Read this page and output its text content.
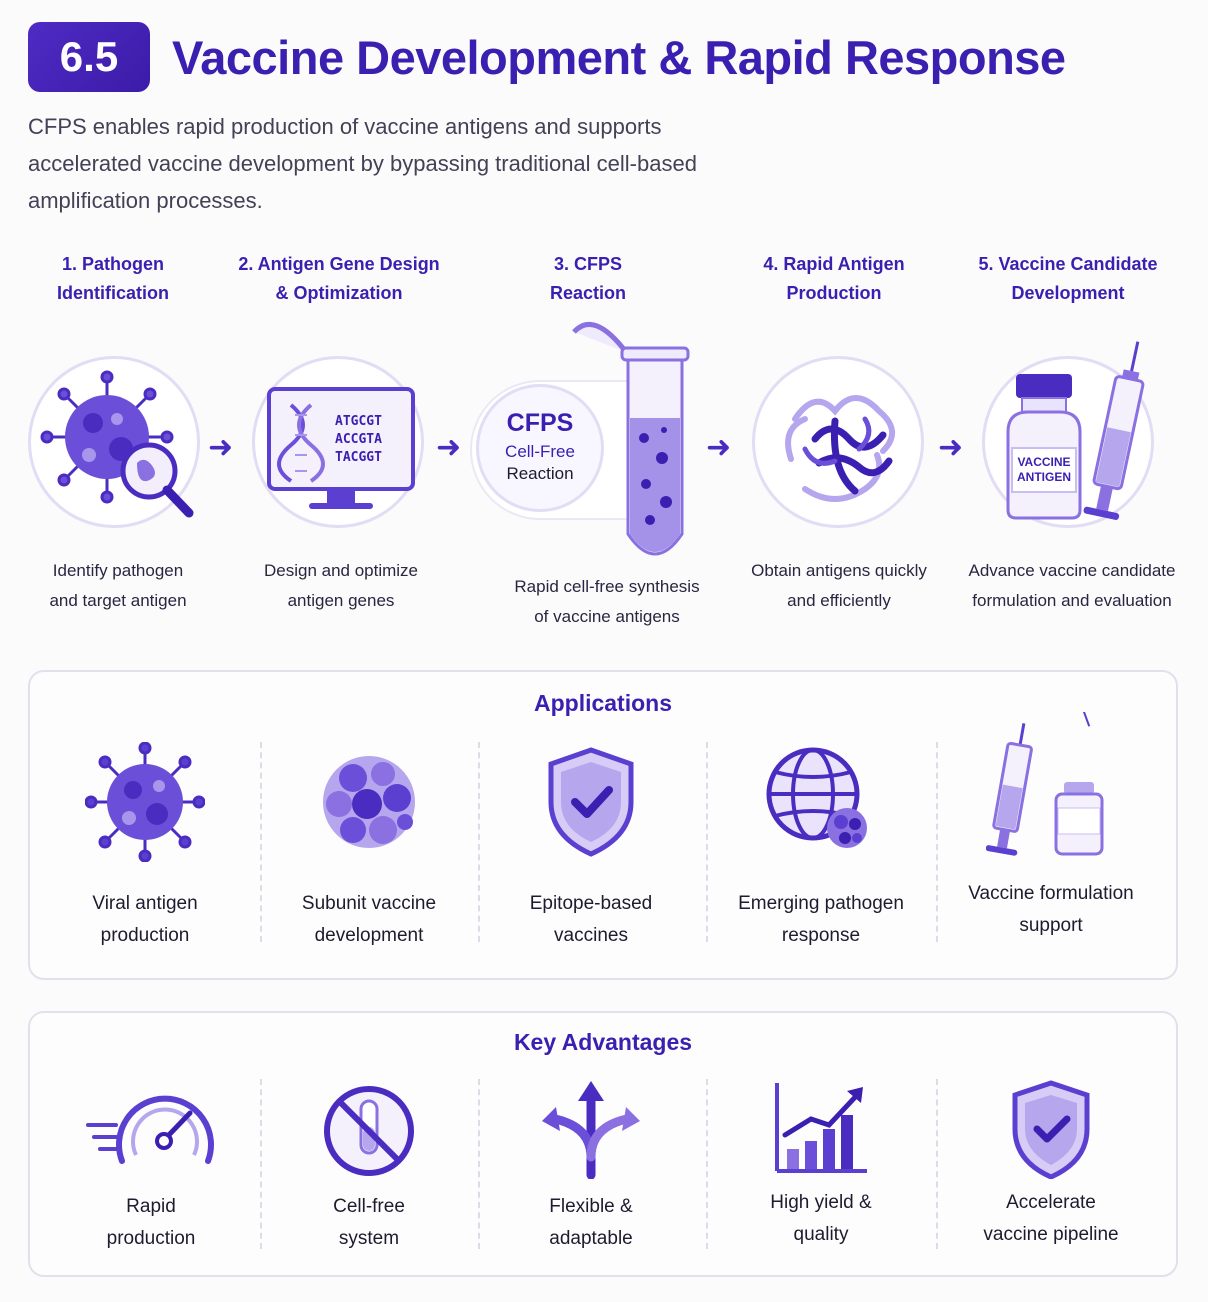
6.5	Vaccine Development & Rapid Response
CFPS enables rapid production of vaccine antigens and supports accelerated vaccine development by bypassing traditional cell-based amplification processes.
1. Pathogen
Identification
2. Antigen Gene Design
& Optimization
3. CFPS
Reaction
4. Rapid Antigen
Production
5. Vaccine Candidate
Development
➜
ATGCGT
ACCGTA
TACGGT ➜
CFPS
Cell-Free
Reaction
➜	➜	VACCINE
ANTIGEN
Identify pathogen
and target antigen
Design and optimize
antigen genes
Rapid cell-free synthesis
of vaccine antigens
Obtain antigens quickly
and efficiently
Advance vaccine candidate
formulation and evaluation
Applications
Viral antigen
production
Subunit vaccine
development
Epitope-based
vaccines
Emerging pathogen
response
Vaccine formulation
support
Key Advantages
Rapid
production
Cell-free
system
Flexible &
adaptable
High yield &
quality
Accelerate
vaccine pipeline
